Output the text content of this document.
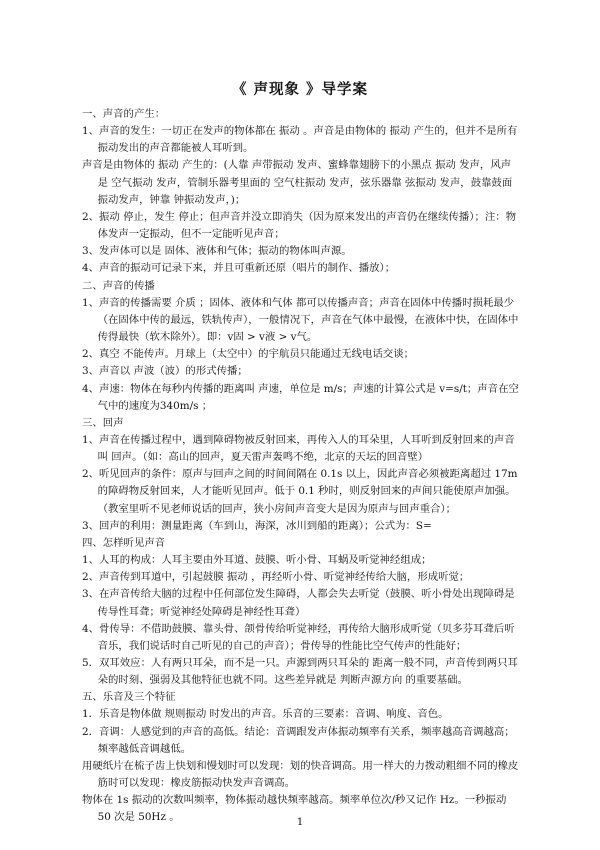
《 声现象 》导学案

一、声音的产生：

1、声音的发生：一切正在发声的物体都在 振动 。声音是由物体的 振动 产生的，但并不是所有振动发出的声音都能被人耳听到。

声音是由物体的 振动 产生的：(人靠 声带振动 发声、蜜蜂靠翅膀下的小黑点 振动 发声，风声是 空气振动 发声，管制乐器考里面的 空气柱振动 发声，弦乐器靠 弦振动 发声，鼓靠鼓面振动发声，钟靠 钟振动发声，)；

2、振动 停止，发生 停止；但声音并没立即消失（因为原来发出的声音仍在继续传播）；注：物体发声一定振动，但不一定能听见声音；

3、发声体可以是 固体、液体和气体；振动的物体叫声源。

4、声音的振动可记录下来，并且可重新还原（唱片的制作、播放）；

二、声音的传播

1、声音的传播需要 介质 ；固体、液体和气体 都可以传播声音；声音在固体中传播时损耗最少（在固体中传的最远，铁轨传声），一般情况下，声音在气体中最慢，在液体中快，在固体中传得最快（软木除外）。即：v固 > v液 > v气。

2、真空 不能传声。月球上（太空中）的宇航员只能通过无线电话交谈；

3、声音以 声波（波）的形式传播；

4、声速：物体在每秒内传播的距离叫 声速，单位是 m/s；声速的计算公式是 v=s/t；声音在空气中的速度为340m/s ；

三、回声

1、声音在传播过程中，遇到障碍物被反射回来，再传入人的耳朵里，人耳听到反射回来的声音叫 回声。（如：高山的回声，夏天雷声轰鸣不绝，北京的天坛的回音壁）

2、听见回声的条件：原声与回声之间的时间间隔在 0.1s 以上，因此声音必须被距离超过 17m 的障碍物反射回来，人才能听见回声。低于 0.1 秒时，则反射回来的声间只能使原声加强。（教室里听不见老师说话的回声，狭小房间声音变大是因为原声与回声重合）；

3、回声的利用：测量距离（车到山，海深，冰川到船的距离）；公式为：S=

四、怎样听见声音

1、人耳的构成：人耳主要由外耳道、鼓膜、听小骨、耳蜗及听觉神经组成；

2、声音传到耳道中，引起鼓膜 振动 ，再经听小骨、听觉神经传给大脑，形成听觉；

3、在声音传给大脑的过程中任何部位发生障碍，人都会失去听觉（鼓膜、听小骨处出现障碍是传导性耳聋；听觉神经处障碍是神经性耳聋）

4、骨传导：不借助鼓膜、靠头骨、颌骨传给听觉神经，再传给大脑形成听觉（贝多芬耳聋后听音乐，我们说话时自己听见的自己的声音）；骨传导的性能比空气传声的性能好；

5．双耳效应：人有两只耳朵，而不是一只。声源到两只耳朵的 距离一般不同，声音传到两只耳朵的时刻、强弱及其他特征也就不同。这些差异就是 判断声源方向 的重要基础。

五、乐音及三个特征

1．乐音是物体做 规则振动 时发出的声音。乐音的三要素：音调、响度、音色。

2．音调：人感觉到的声音的高低。结论：音调跟发声体振动频率有关系，频率越高音调越高；频率越低音调越低。

用硬纸片在梳子齿上快划和慢划时可以发现：划的快音调高。用一样大的力拨动粗细不同的橡皮筋时可以发现：橡皮筋振动快发声音调高。

物体在 1s 振动的次数叫频率，物体振动越快频率越高。频率单位次/秒又记作 Hz。一秒振动 50 次是 50Hz 。	1
